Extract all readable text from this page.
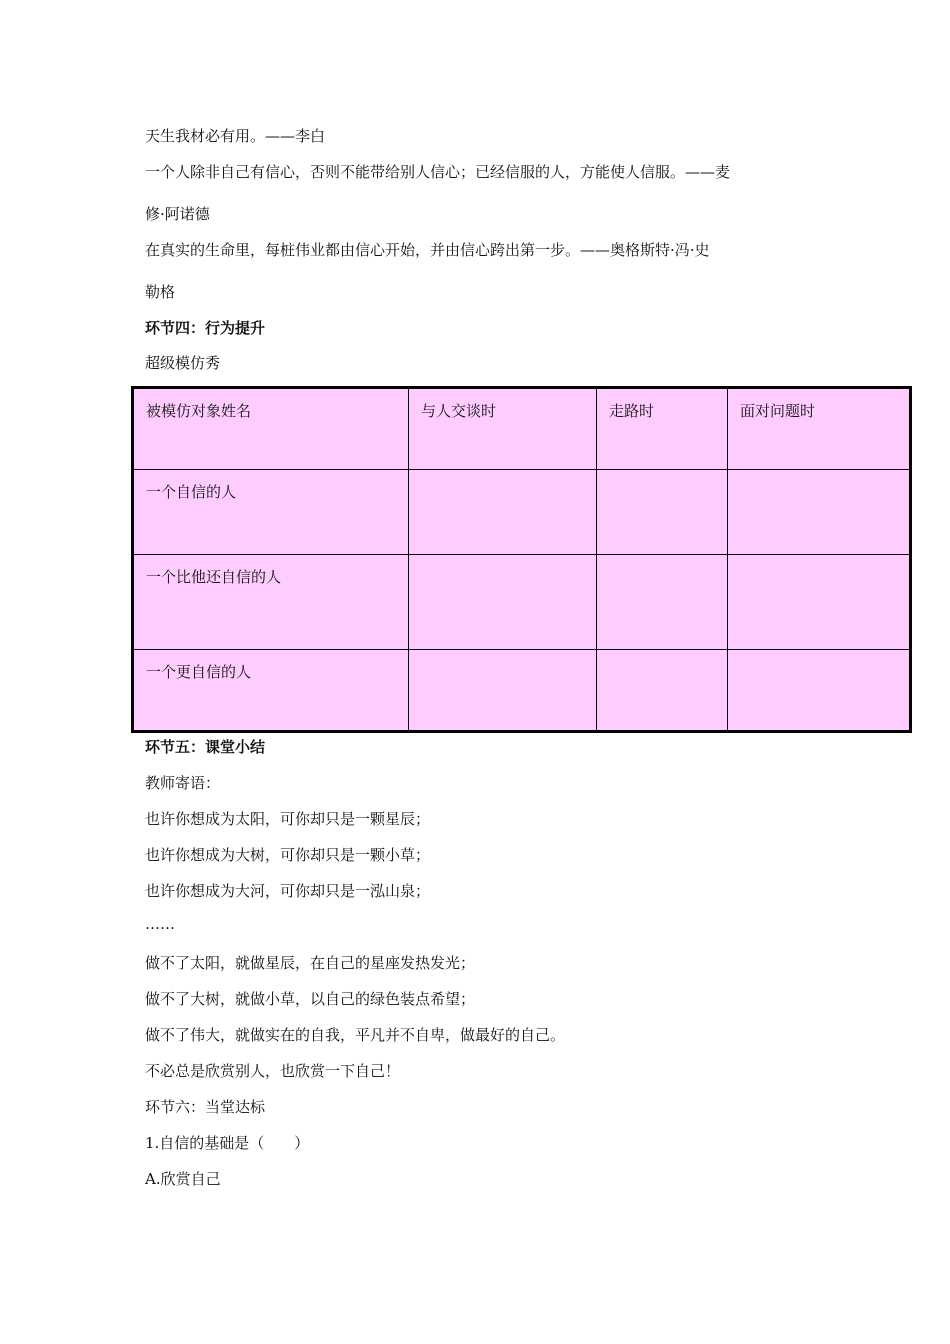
天生我材必有用。——李白
一个人除非自己有信心，否则不能带给别人信心；已经信服的人，方能使人信服。——麦
修·阿诺德
在真实的生命里，每桩伟业都由信心开始，并由信心跨出第一步。——奥格斯特·冯·史
勒格
环节四：行为提升
超级模仿秀
被模仿对象姓名	与人交谈时	走路时	面对问题时
一个自信的人			
一个比他还自信的人			
一个更自信的人			
环节五：课堂小结
教师寄语：
也许你想成为太阳，可你却只是一颗星辰；
也许你想成为大树，可你却只是一颗小草；
也许你想成为大河，可你却只是一泓山泉；
……
做不了太阳，就做星辰，在自己的星座发热发光；
做不了大树，就做小草，以自己的绿色装点希望；
做不了伟大，就做实在的自我，平凡并不自卑，做最好的自己。
不必总是欣赏别人，也欣赏一下自己！
环节六：当堂达标
1.自信的基础是（　　）
A.欣赏自己
